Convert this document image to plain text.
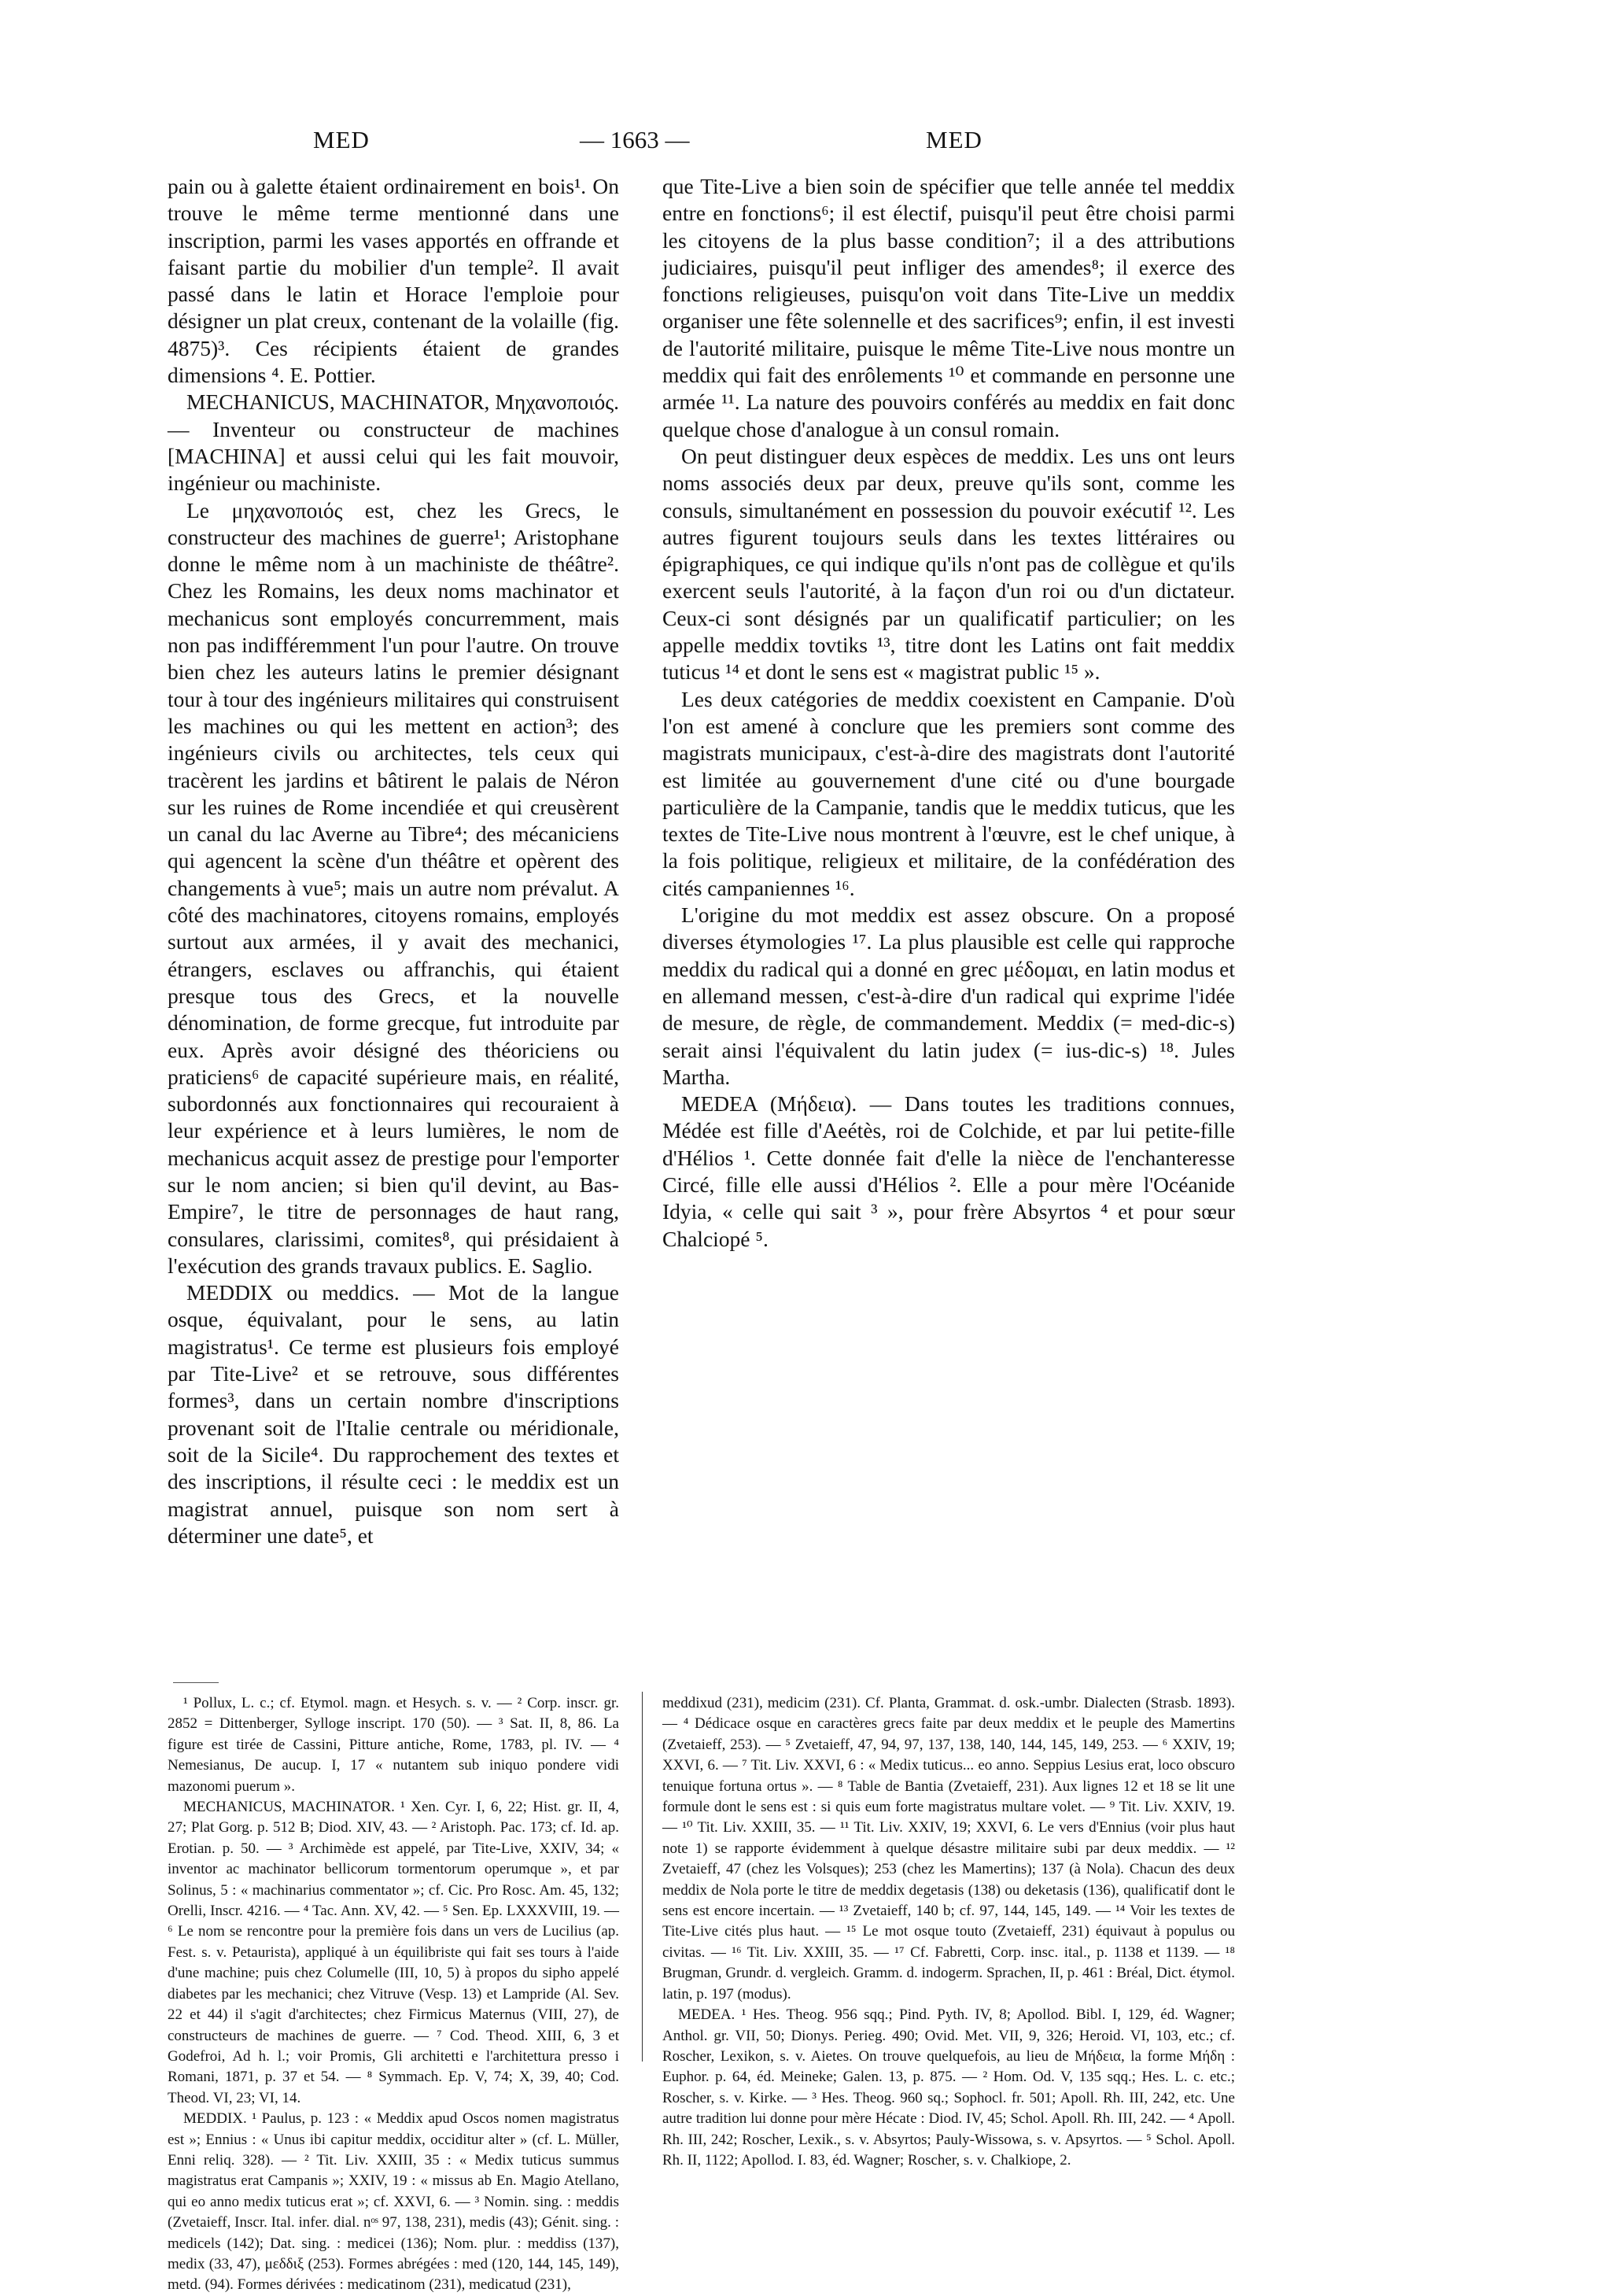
MED	— 1663 —	MED

pain ou à galette étaient ordinairement en bois¹. On trouve le même terme mentionné dans une inscription, parmi les vases apportés en offrande et faisant partie du mobilier d'un temple². Il avait passé dans le latin et Horace l'emploie pour désigner un plat creux, contenant de la volaille (fig. 4875)³. Ces récipients étaient de grandes dimensions ⁴. E. Pottier.

MECHANICUS, MACHINATOR, Μηχανοποιός. — Inventeur ou constructeur de machines [MACHINA] et aussi celui qui les fait mouvoir, ingénieur ou machiniste.

Le μηχανοποιός est, chez les Grecs, le constructeur des machines de guerre¹; Aristophane donne le même nom à un machiniste de théâtre². Chez les Romains, les deux noms machinator et mechanicus sont employés concurremment, mais non pas indifféremment l'un pour l'autre. On trouve bien chez les auteurs latins le premier désignant tour à tour des ingénieurs militaires qui construisent les machines ou qui les mettent en action³; des ingénieurs civils ou architectes, tels ceux qui tracèrent les jardins et bâtirent le palais de Néron sur les ruines de Rome incendiée et qui creusèrent un canal du lac Averne au Tibre⁴; des mécaniciens qui agencent la scène d'un théâtre et opèrent des changements à vue⁵; mais un autre nom prévalut. A côté des machinatores, citoyens romains, employés surtout aux armées, il y avait des mechanici, étrangers, esclaves ou affranchis, qui étaient presque tous des Grecs, et la nouvelle dénomination, de forme grecque, fut introduite par eux. Après avoir désigné des théoriciens ou praticiens⁶ de capacité supérieure mais, en réalité, subordonnés aux fonctionnaires qui recouraient à leur expérience et à leurs lumières, le nom de mechanicus acquit assez de prestige pour l'emporter sur le nom ancien; si bien qu'il devint, au Bas-Empire⁷, le titre de personnages de haut rang, consulares, clarissimi, comites⁸, qui présidaient à l'exécution des grands travaux publics. E. Saglio.

MEDDIX ou meddics. — Mot de la langue osque, équivalant, pour le sens, au latin magistratus¹. Ce terme est plusieurs fois employé par Tite-Live² et se retrouve, sous différentes formes³, dans un certain nombre d'inscriptions provenant soit de l'Italie centrale ou méridionale, soit de la Sicile⁴. Du rapprochement des textes et des inscriptions, il résulte ceci : le meddix est un magistrat annuel, puisque son nom sert à déterminer une date⁵, et

que Tite-Live a bien soin de spécifier que telle année tel meddix entre en fonctions⁶; il est électif, puisqu'il peut être choisi parmi les citoyens de la plus basse condition⁷; il a des attributions judiciaires, puisqu'il peut infliger des amendes⁸; il exerce des fonctions religieuses, puisqu'on voit dans Tite-Live un meddix organiser une fête solennelle et des sacrifices⁹; enfin, il est investi de l'autorité militaire, puisque le même Tite-Live nous montre un meddix qui fait des enrôlements ¹⁰ et commande en personne une armée ¹¹. La nature des pouvoirs conférés au meddix en fait donc quelque chose d'analogue à un consul romain.

On peut distinguer deux espèces de meddix. Les uns ont leurs noms associés deux par deux, preuve qu'ils sont, comme les consuls, simultanément en possession du pouvoir exécutif ¹². Les autres figurent toujours seuls dans les textes littéraires ou épigraphiques, ce qui indique qu'ils n'ont pas de collègue et qu'ils exercent seuls l'autorité, à la façon d'un roi ou d'un dictateur. Ceux-ci sont désignés par un qualificatif particulier; on les appelle meddix tovtiks ¹³, titre dont les Latins ont fait meddix tuticus ¹⁴ et dont le sens est « magistrat public ¹⁵ ».

Les deux catégories de meddix coexistent en Campanie. D'où l'on est amené à conclure que les premiers sont comme des magistrats municipaux, c'est-à-dire des magistrats dont l'autorité est limitée au gouvernement d'une cité ou d'une bourgade particulière de la Campanie, tandis que le meddix tuticus, que les textes de Tite-Live nous montrent à l'œuvre, est le chef unique, à la fois politique, religieux et militaire, de la confédération des cités campaniennes ¹⁶.

L'origine du mot meddix est assez obscure. On a proposé diverses étymologies ¹⁷. La plus plausible est celle qui rapproche meddix du radical qui a donné en grec μέδομαι, en latin modus et en allemand messen, c'est-à-dire d'un radical qui exprime l'idée de mesure, de règle, de commandement. Meddix (= med-dic-s) serait ainsi l'équivalent du latin judex (= ius-dic-s) ¹⁸. Jules Martha.

MEDEA (Μήδεια). — Dans toutes les traditions connues, Médée est fille d'Aeétès, roi de Colchide, et par lui petite-fille d'Hélios ¹. Cette donnée fait d'elle la nièce de l'enchanteresse Circé, fille elle aussi d'Hélios ². Elle a pour mère l'Océanide Idyia, « celle qui sait ³ », pour frère Absyrtos ⁴ et pour sœur Chalciopé ⁵.

¹ Pollux, L. c.; cf. Etymol. magn. et Hesych. s. v. — ² Corp. inscr. gr. 2852 = Dittenberger, Sylloge inscript. 170 (50). — ³ Sat. II, 8, 86. La figure est tirée de Cassini, Pitture antiche, Rome, 1783, pl. IV. — ⁴ Nemesianus, De aucup. I, 17 « nutantem sub iniquo pondere vidi mazonomi puerum ».

MECHANICUS, MACHINATOR. ¹ Xen. Cyr. I, 6, 22; Hist. gr. II, 4, 27; Plat Gorg. p. 512 B; Diod. XIV, 43. — ² Aristoph. Pac. 173; cf. Id. ap. Erotian. p. 50. — ³ Archimède est appelé, par Tite-Live, XXIV, 34; « inventor ac machinator bellicorum tormentorum operumque », et par Solinus, 5 : « machinarius commentator »; cf. Cic. Pro Rosc. Am. 45, 132; Orelli, Inscr. 4216. — ⁴ Tac. Ann. XV, 42. — ⁵ Sen. Ep. LXXXVIII, 19. — ⁶ Le nom se rencontre pour la première fois dans un vers de Lucilius (ap. Fest. s. v. Petaurista), appliqué à un équilibriste qui fait ses tours à l'aide d'une machine; puis chez Columelle (III, 10, 5) à propos du sipho appelé diabetes par les mechanici; chez Vitruve (Vesp. 13) et Lampride (Al. Sev. 22 et 44) il s'agit d'architectes; chez Firmicus Maternus (VIII, 27), de constructeurs de machines de guerre. — ⁷ Cod. Theod. XIII, 6, 3 et Godefroi, Ad h. l.; voir Promis, Gli architetti e l'architettura presso i Romani, 1871, p. 37 et 54. — ⁸ Symmach. Ep. V, 74; X, 39, 40; Cod. Theod. VI, 23; VI, 14.

MEDDIX. ¹ Paulus, p. 123 : « Meddix apud Oscos nomen magistratus est »; Ennius : « Unus ibi capitur meddix, occiditur alter » (cf. L. Müller, Enni reliq. 328). — ² Tit. Liv. XXIII, 35 : « Medix tuticus summus magistratus erat Campanis »; XXIV, 19 : « missus ab En. Magio Atellano, qui eo anno medix tuticus erat »; cf. XXVI, 6. — ³ Nomin. sing. : meddis (Zvetaieff, Inscr. Ital. infer. dial. nᵒˢ 97, 138, 231), medis (43); Génit. sing. : medicels (142); Dat. sing. : medicei (136); Nom. plur. : meddiss (137), medix (33, 47), μεδδιξ (253). Formes abrégées : med (120, 144, 145, 149), metd. (94). Formes dérivées : medicatinom (231), medicatud (231),

meddixud (231), medicim (231). Cf. Planta, Grammat. d. osk.-umbr. Dialecten (Strasb. 1893). — ⁴ Dédicace osque en caractères grecs faite par deux meddix et le peuple des Mamertins (Zvetaieff, 253). — ⁵ Zvetaieff, 47, 94, 97, 137, 138, 140, 144, 145, 149, 253. — ⁶ XXIV, 19; XXVI, 6. — ⁷ Tit. Liv. XXVI, 6 : « Medix tuticus... eo anno. Seppius Lesius erat, loco obscuro tenuique fortuna ortus ». — ⁸ Table de Bantia (Zvetaieff, 231). Aux lignes 12 et 18 se lit une formule dont le sens est : si quis eum forte magistratus multare volet. — ⁹ Tit. Liv. XXIV, 19. — ¹⁰ Tit. Liv. XXIII, 35. — ¹¹ Tit. Liv. XXIV, 19; XXVI, 6. Le vers d'Ennius (voir plus haut note 1) se rapporte évidemment à quelque désastre militaire subi par deux meddix. — ¹² Zvetaieff, 47 (chez les Volsques); 253 (chez les Mamertins); 137 (à Nola). Chacun des deux meddix de Nola porte le titre de meddix degetasis (138) ou deketasis (136), qualificatif dont le sens est encore incertain. — ¹³ Zvetaieff, 140 b; cf. 97, 144, 145, 149. — ¹⁴ Voir les textes de Tite-Live cités plus haut. — ¹⁵ Le mot osque touto (Zvetaieff, 231) équivaut à populus ou civitas. — ¹⁶ Tit. Liv. XXIII, 35. — ¹⁷ Cf. Fabretti, Corp. insc. ital., p. 1138 et 1139. — ¹⁸ Brugman, Grundr. d. vergleich. Gramm. d. indogerm. Sprachen, II, p. 461 : Bréal, Dict. étymol. latin, p. 197 (modus).

MEDEA. ¹ Hes. Theog. 956 sqq.; Pind. Pyth. IV, 8; Apollod. Bibl. I, 129, éd. Wagner; Anthol. gr. VII, 50; Dionys. Perieg. 490; Ovid. Met. VII, 9, 326; Heroid. VI, 103, etc.; cf. Roscher, Lexikon, s. v. Aietes. On trouve quelquefois, au lieu de Μήδεια, la forme Μήδη : Euphor. p. 64, éd. Meineke; Galen. 13, p. 875. — ² Hom. Od. V, 135 sqq.; Hes. L. c. etc.; Roscher, s. v. Kirke. — ³ Hes. Theog. 960 sq.; Sophocl. fr. 501; Apoll. Rh. III, 242, etc. Une autre tradition lui donne pour mère Hécate : Diod. IV, 45; Schol. Apoll. Rh. III, 242. — ⁴ Apoll. Rh. III, 242; Roscher, Lexik., s. v. Absyrtos; Pauly-Wissowa, s. v. Apsyrtos. — ⁵ Schol. Apoll. Rh. II, 1122; Apollod. I. 83, éd. Wagner; Roscher, s. v. Chalkiope, 2.
